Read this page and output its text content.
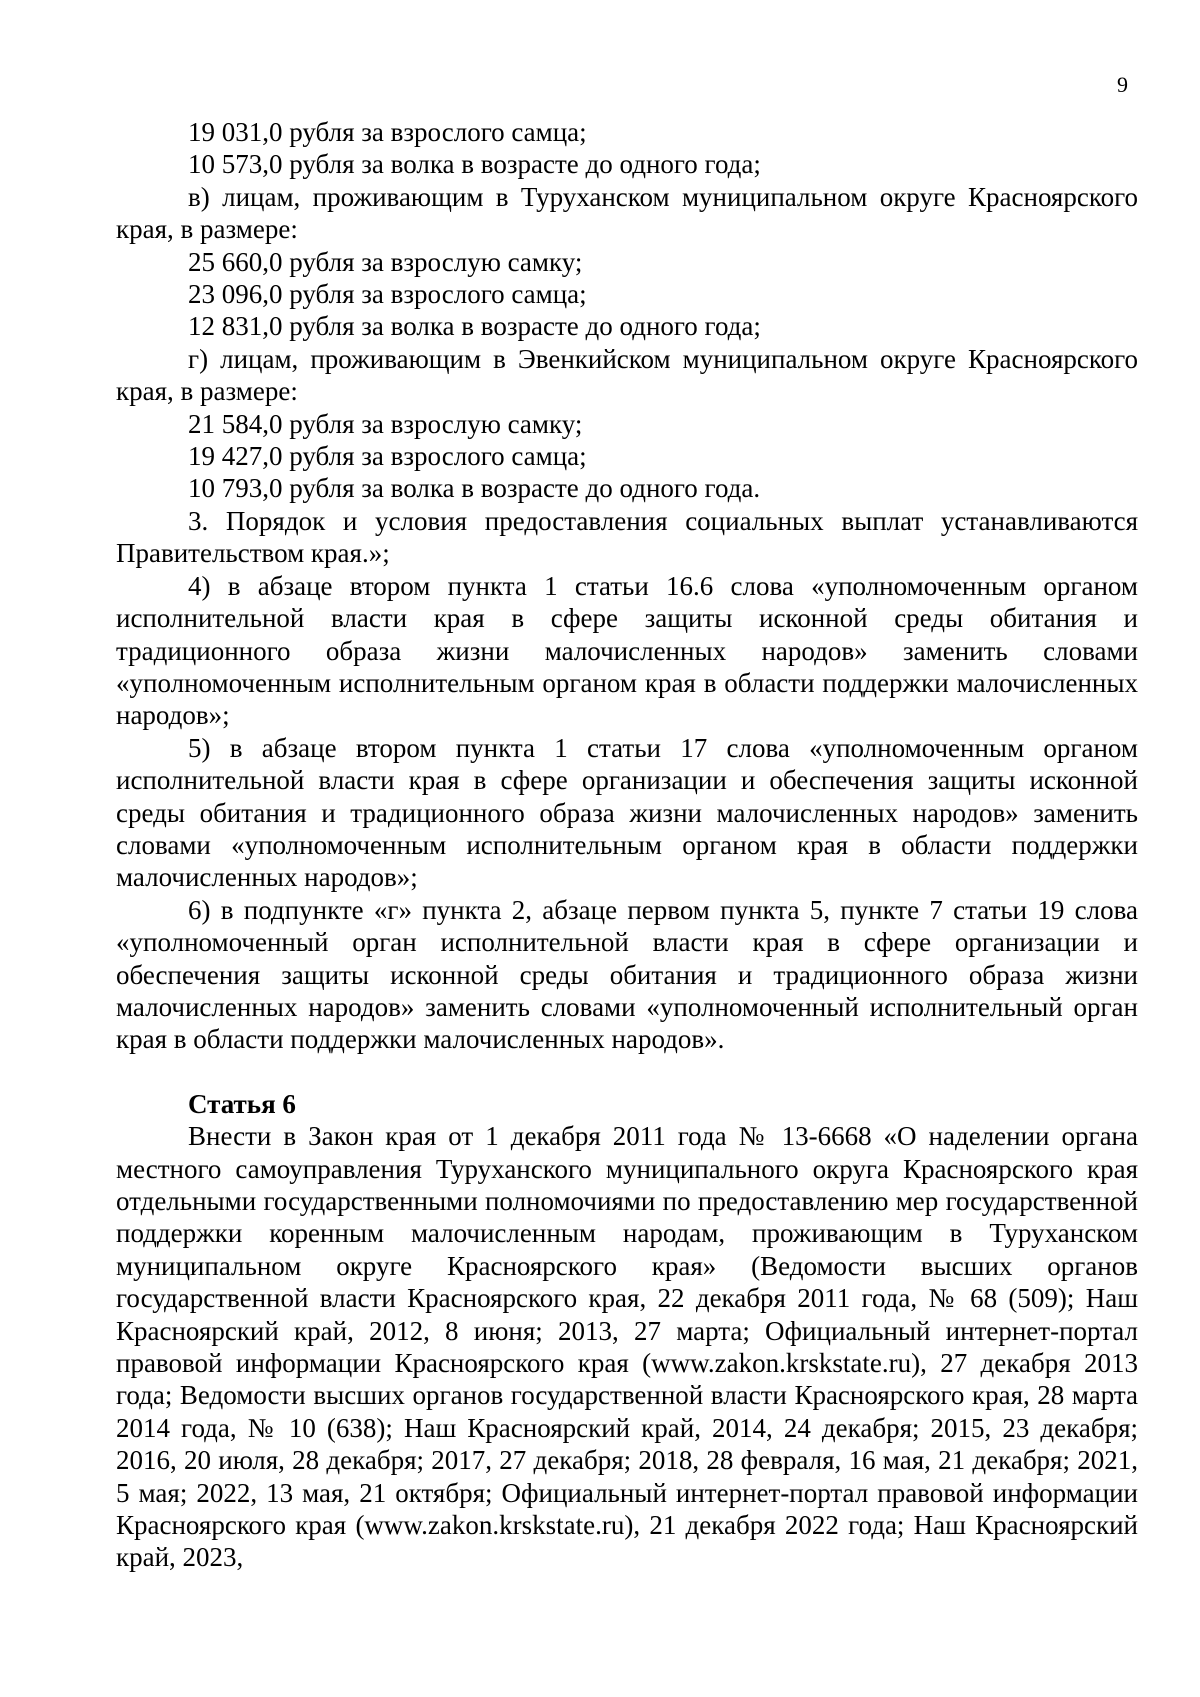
9

19 031,0 рубля за взрослого самца;

10 573,0 рубля за волка в возрасте до одного года;

в) лицам, проживающим в Туруханском муниципальном округе Красноярского края, в размере:

25 660,0 рубля за взрослую самку;

23 096,0 рубля за взрослого самца;

12 831,0 рубля за волка в возрасте до одного года;

г) лицам, проживающим в Эвенкийском муниципальном округе Красноярского края, в размере:

21 584,0 рубля за взрослую самку;

19 427,0 рубля за взрослого самца;

10 793,0 рубля за волка в возрасте до одного года.

3. Порядок и условия предоставления социальных выплат устанавливаются Правительством края.»;

4) в абзаце втором пункта 1 статьи 16.6 слова «уполномоченным органом исполнительной власти края в сфере защиты исконной среды обитания и традиционного образа жизни малочисленных народов» заменить словами «уполномоченным исполнительным органом края в области поддержки малочисленных народов»;

5) в абзаце втором пункта 1 статьи 17 слова «уполномоченным органом исполнительной власти края в сфере организации и обеспечения защиты исконной среды обитания и традиционного образа жизни малочисленных народов» заменить словами «уполномоченным исполнительным органом края в области поддержки малочисленных народов»;

6) в подпункте «г» пункта 2, абзаце первом пункта 5, пункте 7 статьи 19 слова «уполномоченный орган исполнительной власти края в сфере организации и обеспечения защиты исконной среды обитания и традиционного образа жизни малочисленных народов» заменить словами «уполномоченный исполнительный орган края в области поддержки малочисленных народов».

Статья 6

Внести в Закон края от 1 декабря 2011 года № 13-6668 «О наделении органа местного самоуправления Туруханского муниципального округа Красноярского края отдельными государственными полномочиями по предоставлению мер государственной поддержки коренным малочисленным народам, проживающим в Туруханском муниципальном округе Красноярского края» (Ведомости высших органов государственной власти Красноярского края, 22 декабря 2011 года, № 68 (509); Наш Красноярский край, 2012, 8 июня; 2013, 27 марта; Официальный интернет-портал правовой информации Красноярского края (www.zakon.krskstate.ru), 27 декабря 2013 года; Ведомости высших органов государственной власти Красноярского края, 28 марта 2014 года, № 10 (638); Наш Красноярский край, 2014, 24 декабря; 2015, 23 декабря; 2016, 20 июля, 28 декабря; 2017, 27 декабря; 2018, 28 февраля, 16 мая, 21 декабря; 2021, 5 мая; 2022, 13 мая, 21 октября; Официальный интернет-портал правовой информации Красноярского края (www.zakon.krskstate.ru), 21 декабря 2022 года; Наш Красноярский край, 2023,
